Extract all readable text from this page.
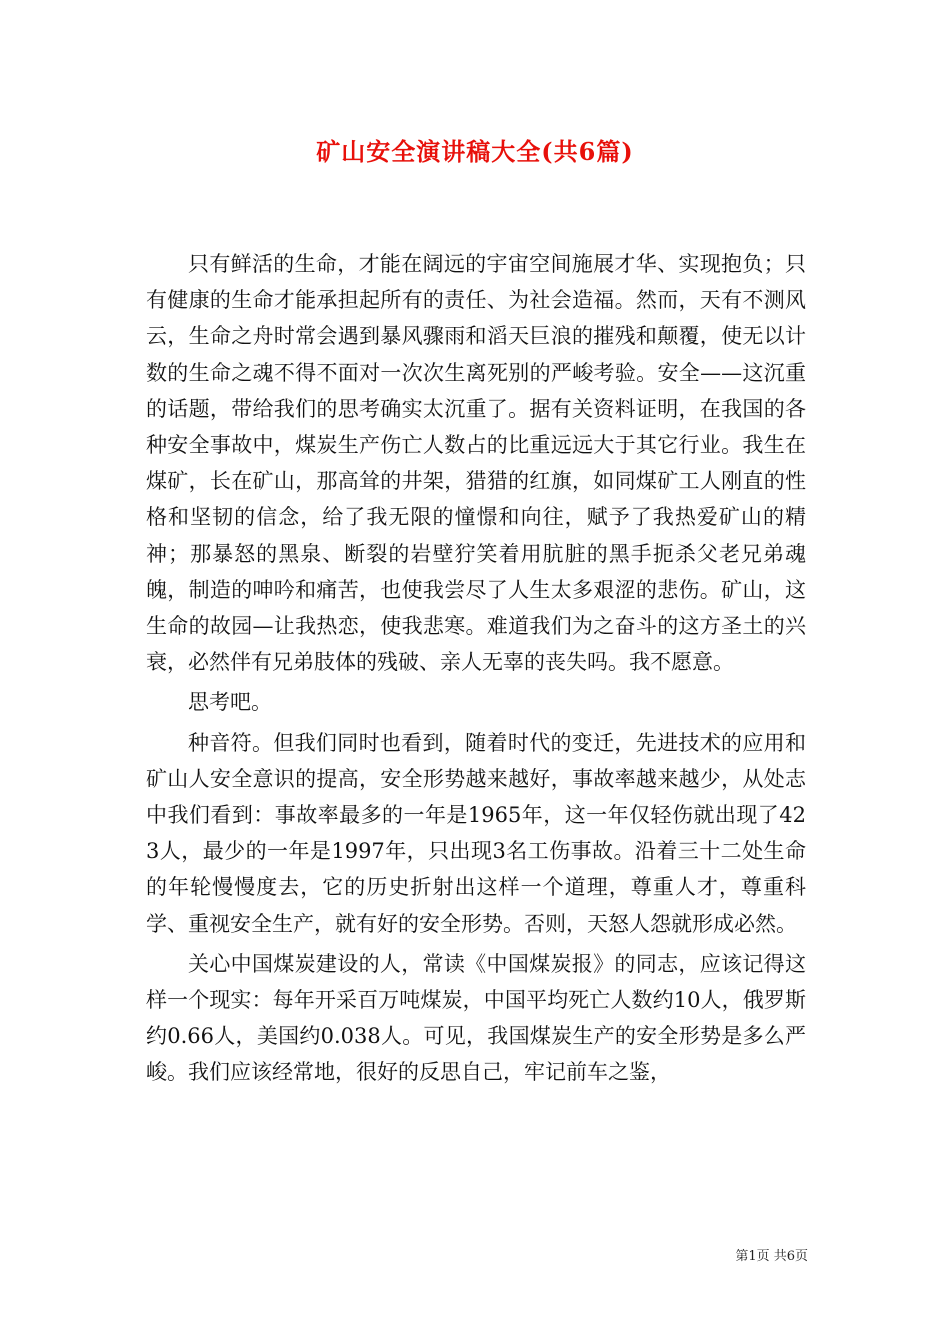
矿山安全演讲稿大全(共6篇)

只有鲜活的生命，才能在阔远的宇宙空间施展才华、实现抱负；只有健康的生命才能承担起所有的责任、为社会造福。然而，天有不测风云，生命之舟时常会遇到暴风骤雨和滔天巨浪的摧残和颠覆，使无以计数的生命之魂不得不面对一次次生离死别的严峻考验。安全——这沉重的话题，带给我们的思考确实太沉重了。据有关资料证明，在我国的各种安全事故中，煤炭生产伤亡人数占的比重远远大于其它行业。我生在煤矿，长在矿山，那高耸的井架，猎猎的红旗，如同煤矿工人刚直的性格和坚韧的信念，给了我无限的憧憬和向往，赋予了我热爱矿山的精神；那暴怒的黑泉、断裂的岩壁狞笑着用肮脏的黑手扼杀父老兄弟魂魄，制造的呻吟和痛苦，也使我尝尽了人生太多艰涩的悲伤。矿山，这生命的故园—让我热恋，使我悲寒。难道我们为之奋斗的这方圣土的兴衰，必然伴有兄弟肢体的残破、亲人无辜的丧失吗。我不愿意。

思考吧。

种音符。但我们同时也看到，随着时代的变迁，先进技术的应用和矿山人安全意识的提高，安全形势越来越好，事故率越来越少，从处志中我们看到：事故率最多的一年是1965年，这一年仅轻伤就出现了423人，最少的一年是1997年，只出现3名工伤事故。沿着三十二处生命的年轮慢慢度去，它的历史折射出这样一个道理，尊重人才，尊重科学、重视安全生产，就有好的安全形势。否则，天怒人怨就形成必然。

关心中国煤炭建设的人，常读《中国煤炭报》的同志，应该记得这样一个现实：每年开采百万吨煤炭，中国平均死亡人数约10人，俄罗斯约0.66人，美国约0.038人。可见，我国煤炭生产的安全形势是多么严峻。我们应该经常地，很好的反思自己，牢记前车之鉴，

第1页 共6页
